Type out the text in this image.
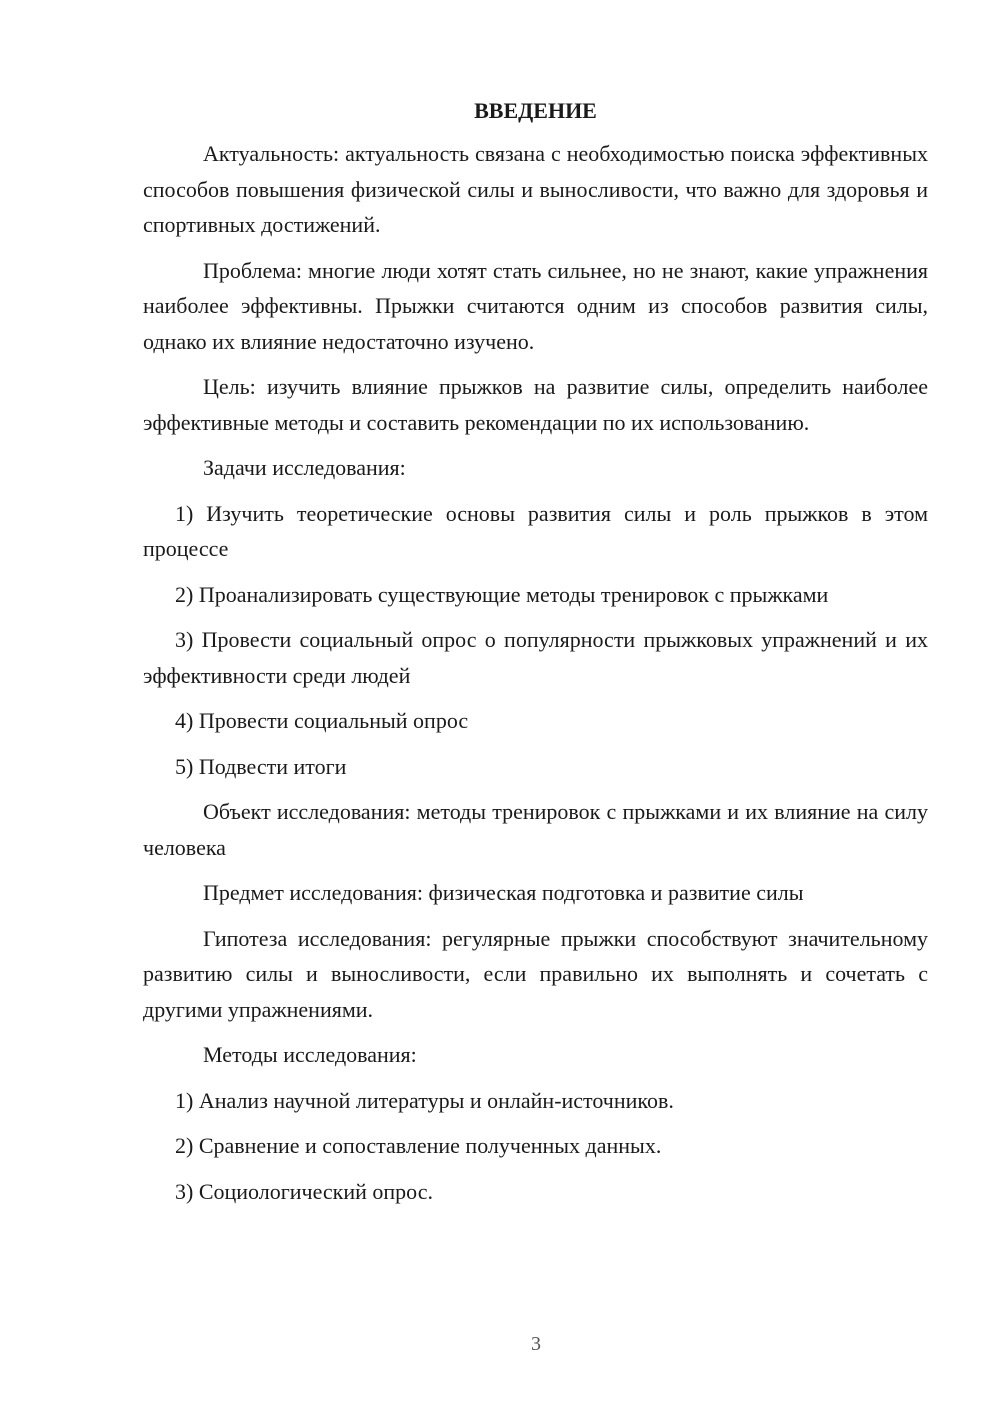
ВВЕДЕНИЕ

Актуальность: актуальность связана с необходимостью поиска эффективных способов повышения физической силы и выносливости, что важно для здоровья и спортивных достижений.

Проблема: многие люди хотят стать сильнее, но не знают, какие упражнения наиболее эффективны. Прыжки считаются одним из способов развития силы, однако их влияние недостаточно изучено.

Цель: изучить влияние прыжков на развитие силы, определить наиболее эффективные методы и составить рекомендации по их использованию.

Задачи исследования:

1) Изучить теоретические основы развития силы и роль прыжков в этом процессе

2) Проанализировать существующие методы тренировок с прыжками

3) Провести социальный опрос о популярности прыжковых упражнений и их эффективности среди людей

4) Провести социальный опрос

5) Подвести итоги

Объект исследования: методы тренировок с прыжками и их влияние на силу человека

Предмет исследования: физическая подготовка и развитие силы

Гипотеза исследования: регулярные прыжки способствуют значительному развитию силы и выносливости, если правильно их выполнять и сочетать с другими упражнениями.

Методы исследования:

1) Анализ научной литературы и онлайн-источников.

2) Сравнение и сопоставление полученных данных.

3) Социологический опрос.

3
